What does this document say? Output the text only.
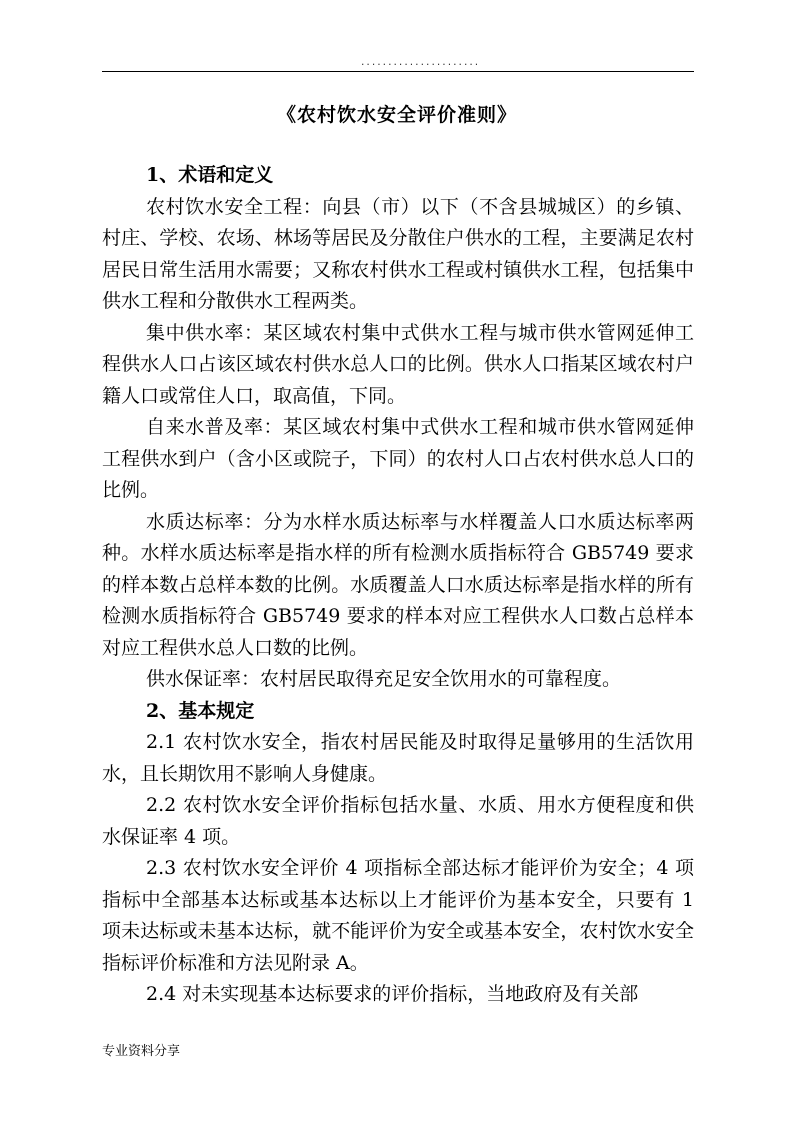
......................
《农村饮水安全评价准则》

1、术语和定义

农村饮水安全工程：向县（市）以下（不含县城城区）的乡镇、村庄、学校、农场、林场等居民及分散住户供水的工程，主要满足农村居民日常生活用水需要；又称农村供水工程或村镇供水工程，包括集中供水工程和分散供水工程两类。

集中供水率：某区域农村集中式供水工程与城市供水管网延伸工程供水人口占该区域农村供水总人口的比例。供水人口指某区域农村户籍人口或常住人口，取高值，下同。

自来水普及率：某区域农村集中式供水工程和城市供水管网延伸工程供水到户（含小区或院子，下同）的农村人口占农村供水总人口的比例。

水质达标率：分为水样水质达标率与水样覆盖人口水质达标率两种。水样水质达标率是指水样的所有检测水质指标符合 GB5749 要求的样本数占总样本数的比例。水质覆盖人口水质达标率是指水样的所有检测水质指标符合 GB5749 要求的样本对应工程供水人口数占总样本对应工程供水总人口数的比例。

供水保证率：农村居民取得充足安全饮用水的可靠程度。

2、基本规定

2.1 农村饮水安全，指农村居民能及时取得足量够用的生活饮用水，且长期饮用不影响人身健康。

2.2 农村饮水安全评价指标包括水量、水质、用水方便程度和供水保证率 4 项。

2.3 农村饮水安全评价 4 项指标全部达标才能评价为安全；4 项指标中全部基本达标或基本达标以上才能评价为基本安全，只要有 1 项未达标或未基本达标，就不能评价为安全或基本安全，农村饮水安全指标评价标准和方法见附录 A。

2.4 对未实现基本达标要求的评价指标，当地政府及有关部

专业资料分享
